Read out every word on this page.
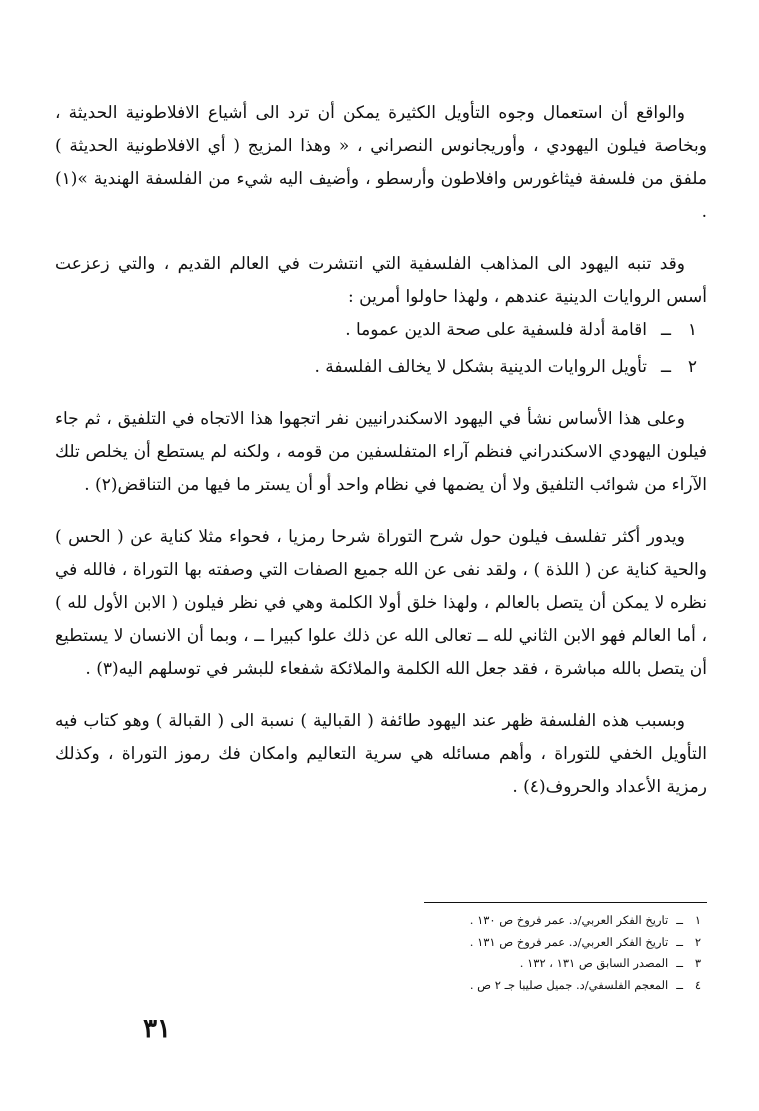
والواقع أن استعمال وجوه التأويل الكثيرة يمكن أن ترد الى أشياع الافلاطونية الحديثة ، وبخاصة فيلون اليهودي ، وأوريجانوس النصراني ، « وهذا المزيج ( أي الافلاطونية الحديثة ) ملفق من فلسفة فيثاغورس وافلاطون وأرسطو ، وأضيف اليه شيء من الفلسفة الهندية »(١) .

وقد تنبه اليهود الى المذاهب الفلسفية التي انتشرت في العالم القديم ، والتي زعزعت أسس الروايات الدينية عندهم ، ولهذا حاولوا أمرين :

١
ــ
اقامة أدلة فلسفية على صحة الدين عموما .
٢
ــ
تأويل الروايات الدينية بشكل لا يخالف الفلسفة .

وعلى هذا الأساس نشأ في اليهود الاسكندرانيين نفر اتجهوا هذا الاتجاه في التلفيق ، ثم جاء فيلون اليهودي الاسكندراني فنظم آراء المتفلسفين من قومه ، ولكنه لم يستطع أن يخلص تلك الآراء من شوائب التلفيق ولا أن يضمها في نظام واحد أو أن يستر ما فيها من التناقض(٢) .

ويدور أكثر تفلسف فيلون حول شرح التوراة شرحا رمزيا ، فحواء مثلا كناية عن ( الحس ) والحية كناية عن ( اللذة ) ، ولقد نفى عن الله جميع الصفات التي وصفته بها التوراة ، فالله في نظره لا يمكن أن يتصل بالعالم ، ولهذا خلق أولا الكلمة وهي في نظر فيلون ( الابن الأول لله ) ، أما العالم فهو الابن الثاني لله ــ تعالى الله عن ذلك علوا كبيرا ــ ، وبما أن الانسان لا يستطيع أن يتصل بالله مباشرة ، فقد جعل الله الكلمة والملائكة شفعاء للبشر في توسلهم اليه(٣) .

وبسبب هذه الفلسفة ظهر عند اليهود طائفة ( القبالية ) نسبة الى ( القبالة ) وهو كتاب فيه التأويل الخفي للتوراة ، وأهم مسائله هي سرية التعاليم وامكان فك رموز التوراة ، وكذلك رمزية الأعداد والحروف(٤) .

١
ــ
تاريخ الفكر العربي/د. عمر فروخ ص ١٣٠ .
٢
ــ
تاريخ الفكر العربي/د. عمر فروخ ص ١٣١ .
٣
ــ
المصدر السابق ص ١٣١ ، ١٣٢ .
٤
ــ
المعجم الفلسفي/د. جميل صليبا جـ ٢ ص .
٣١
